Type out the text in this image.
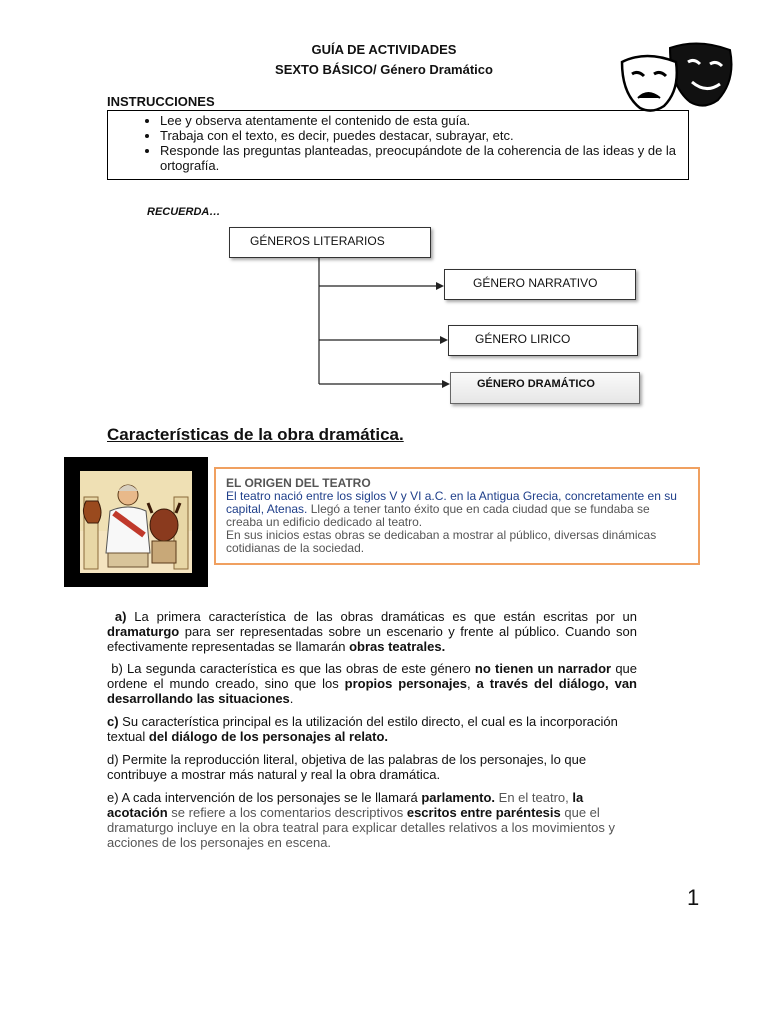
GUÍA DE ACTIVIDADES
SEXTO BÁSICO/ Género Dramático
INSTRUCCIONES
• Lee y observa atentamente el contenido de esta guía.
• Trabaja con el texto, es decir, puedes destacar, subrayar, etc.
• Responde las preguntas planteadas, preocupándote de la coherencia de las ideas y de la ortografía.
RECUERDA…
GÉNEROS LITERARIOS
GÉNERO NARRATIVO
GÉNERO LIRICO
GÉNERO DRAMÁTICO
Características de la obra dramática.
EL ORIGEN DEL TEATRO
El teatro nació entre los siglos V y VI a.C. en la Antigua Grecia, concretamente en su capital, Atenas. Llegó a tener tanto éxito que en cada ciudad que se fundaba se creaba un edificio dedicado al teatro.
En sus inicios estas obras se dedicaban a mostrar al público, diversas dinámicas cotidianas de la sociedad.
a) La primera característica de las obras dramáticas es que están escritas por un dramaturgo para ser representadas sobre un escenario y frente al público. Cuando son efectivamente representadas se llamarán obras teatrales.
b) La segunda característica es que las obras de este género no tienen un narrador que ordene el mundo creado, sino que los propios personajes, a través del diálogo, van desarrollando las situaciones.
c) Su característica principal es la utilización del estilo directo, el cual es la incorporación textual del diálogo de los personajes al relato.
d) Permite la reproducción literal, objetiva de las palabras de los personajes, lo que contribuye a mostrar más natural y real la obra dramática.
e) A cada intervención de los personajes se le llamará parlamento. En el teatro, la acotación se refiere a los comentarios descriptivos escritos entre paréntesis que el dramaturgo incluye en la obra teatral para explicar detalles relativos a los movimientos y acciones de los personajes en escena.
1
